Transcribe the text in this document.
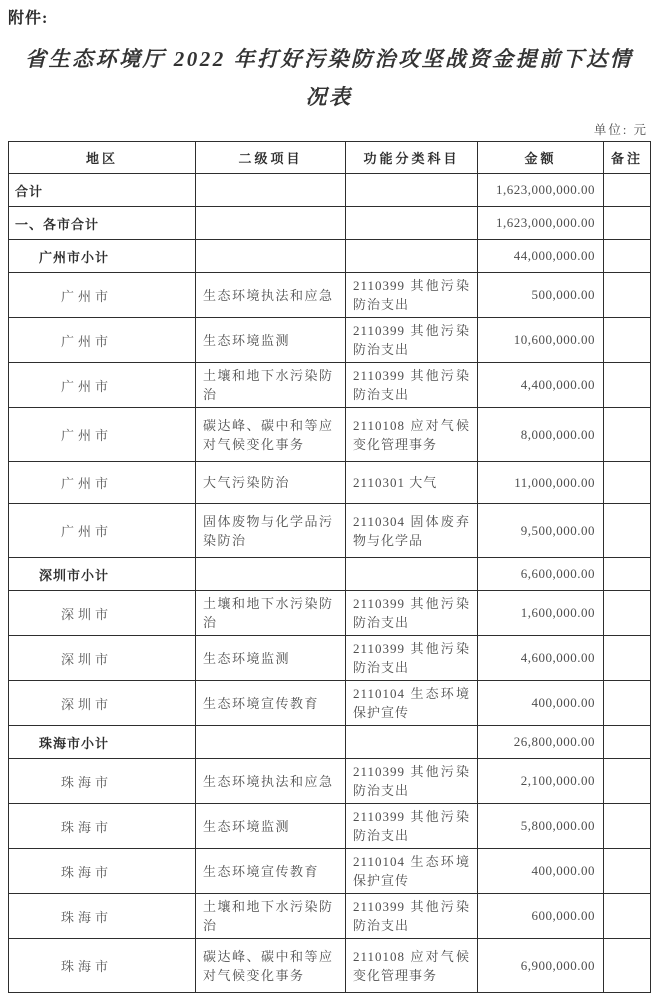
附件:
省生态环境厅 2022 年打好污染防治攻坚战资金提前下达情况表
单位: 元
地区	二级项目	功能分类科目	金额	备注
合计			1,623,000,000.00	
一、各市合计			1,623,000,000.00	
广州市小计			44,000,000.00	
广州市	生态环境执法和应急	2110399 其他污染防治支出	500,000.00	
广州市	生态环境监测	2110399 其他污染防治支出	10,600,000.00	
广州市	土壤和地下水污染防治	2110399 其他污染防治支出	4,400,000.00	
广州市	碳达峰、碳中和等应对气候变化事务	2110108 应对气候变化管理事务	8,000,000.00	
广州市	大气污染防治	2110301 大气	11,000,000.00	
广州市	固体废物与化学品污染防治	2110304 固体废弃物与化学品	9,500,000.00	
深圳市小计			6,600,000.00	
深圳市	土壤和地下水污染防治	2110399 其他污染防治支出	1,600,000.00	
深圳市	生态环境监测	2110399 其他污染防治支出	4,600,000.00	
深圳市	生态环境宣传教育	2110104 生态环境保护宣传	400,000.00	
珠海市小计			26,800,000.00	
珠海市	生态环境执法和应急	2110399 其他污染防治支出	2,100,000.00	
珠海市	生态环境监测	2110399 其他污染防治支出	5,800,000.00	
珠海市	生态环境宣传教育	2110104 生态环境保护宣传	400,000.00	
珠海市	土壤和地下水污染防治	2110399 其他污染防治支出	600,000.00	
珠海市	碳达峰、碳中和等应对气候变化事务	2110108 应对气候变化管理事务	6,900,000.00	
